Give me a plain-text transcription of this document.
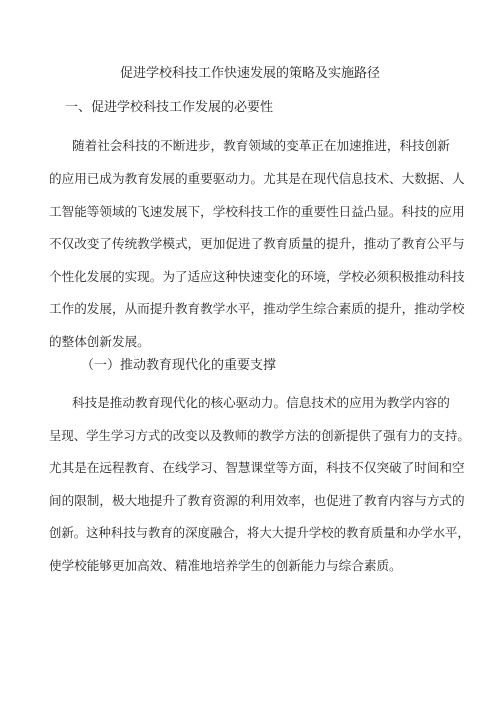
促进学校科技工作快速发展的策略及实施路径
一、促进学校科技工作发展的必要性
随着社会科技的不断进步，教育领域的变革正在加速推进，科技创新
的应用已成为教育发展的重要驱动力。尤其是在现代信息技术、大数据、人
工智能等领域的飞速发展下，学校科技工作的重要性日益凸显。科技的应用
不仅改变了传统教学模式，更加促进了教育质量的提升，推动了教育公平与
个性化发展的实现。为了适应这种快速变化的环境，学校必须积极推动科技
工作的发展，从而提升教育教学水平，推动学生综合素质的提升，推动学校
的整体创新发展。
（一）推动教育现代化的重要支撑
科技是推动教育现代化的核心驱动力。信息技术的应用为教学内容的
呈现、学生学习方式的改变以及教师的教学方法的创新提供了强有力的支持。
尤其是在远程教育、在线学习、智慧课堂等方面，科技不仅突破了时间和空
间的限制，极大地提升了教育资源的利用效率，也促进了教育内容与方式的
创新。这种科技与教育的深度融合，将大大提升学校的教育质量和办学水平，
使学校能够更加高效、精准地培养学生的创新能力与综合素质。
